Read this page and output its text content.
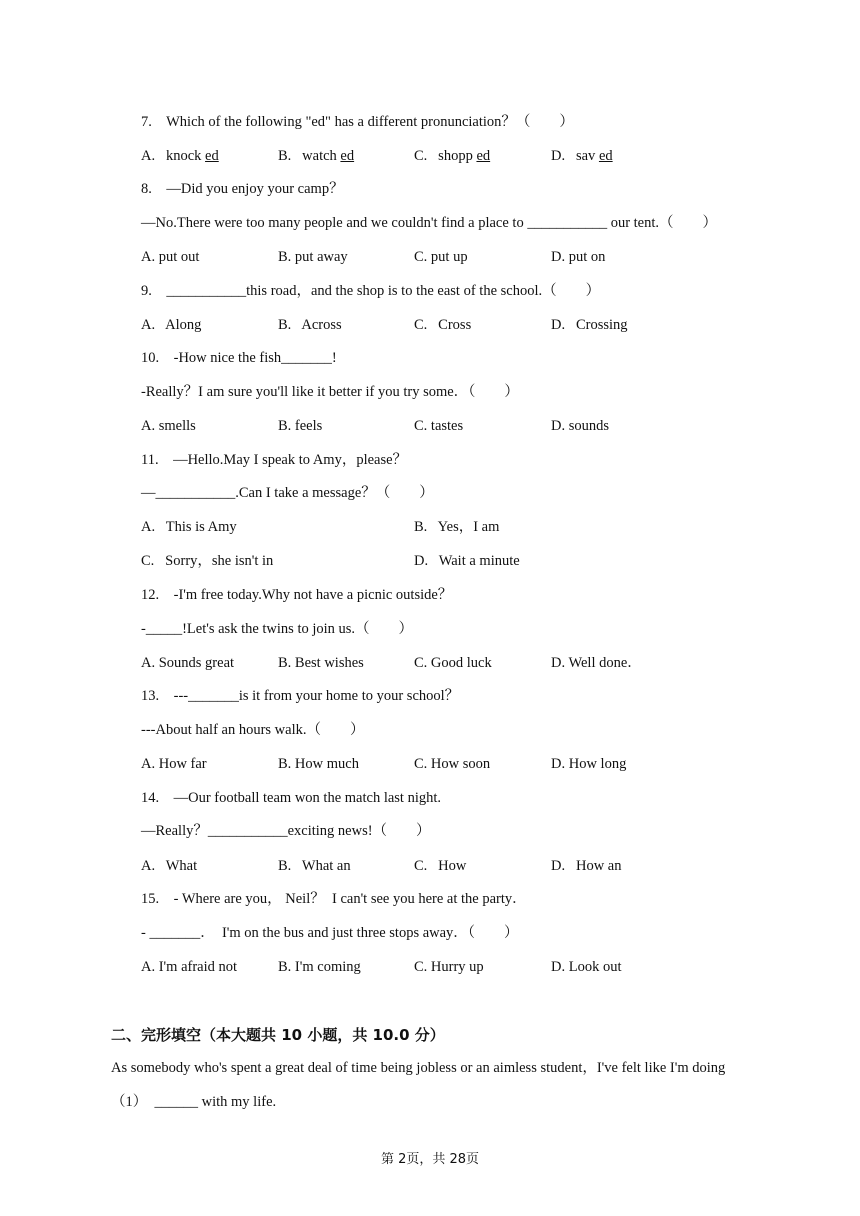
7.    Which of the following "ed" has a different pronunciation？（        ）
A.   knock ed	B.   watch ed	C.   shopp ed	D.   sav ed
8.    —Did you enjoy your camp？
—No.There were too many people and we couldn't find a place to ___________ our tent.（        ）
A. put out	B. put away	C. put up	D. put on
9.    ___________this road，and the shop is to the east of the school.（        ）
A.   Along	B.   Across	C.   Cross	D.   Crossing
10.    -How nice the fish_______!
-Really？I am sure you'll like it better if you try some．（        ）
A. smells	B. feels	C. tastes	D. sounds
11.    —Hello.May I speak to Amy，please？
—___________.Can I take a message？（        ）
A.   This is Amy	B.   Yes，I am
C.   Sorry，she isn't in	D.   Wait a minute
12.    -I'm free today.Why not have a picnic outside？
-_____!Let's ask the twins to join us.（        ）
A. Sounds great	B. Best wishes	C. Good luck	D. Well done．
13.    ---_______is it from your home to your school？
---About half an hours walk.（        ）
A. How far	B. How much	C. How soon	D. How long
14.    —Our football team won the match last night.
—Really？___________exciting news!（        ）
A.   What	B.   What an	C.   How	D.   How an
15.    - Where are you， Neil？  I can't see you here at the party．
- _______．  I'm on the bus and just three stops away．（        ）
A. I'm afraid not	B. I'm coming	C. Hurry up	D. Look out
二、完形填空（本大题共 10 小题，共 10.0 分）
As somebody who's spent a great deal of time being jobless or an aimless student，I've felt like I'm doing
（1）  ______ with my life.
第 2页，共 28页
